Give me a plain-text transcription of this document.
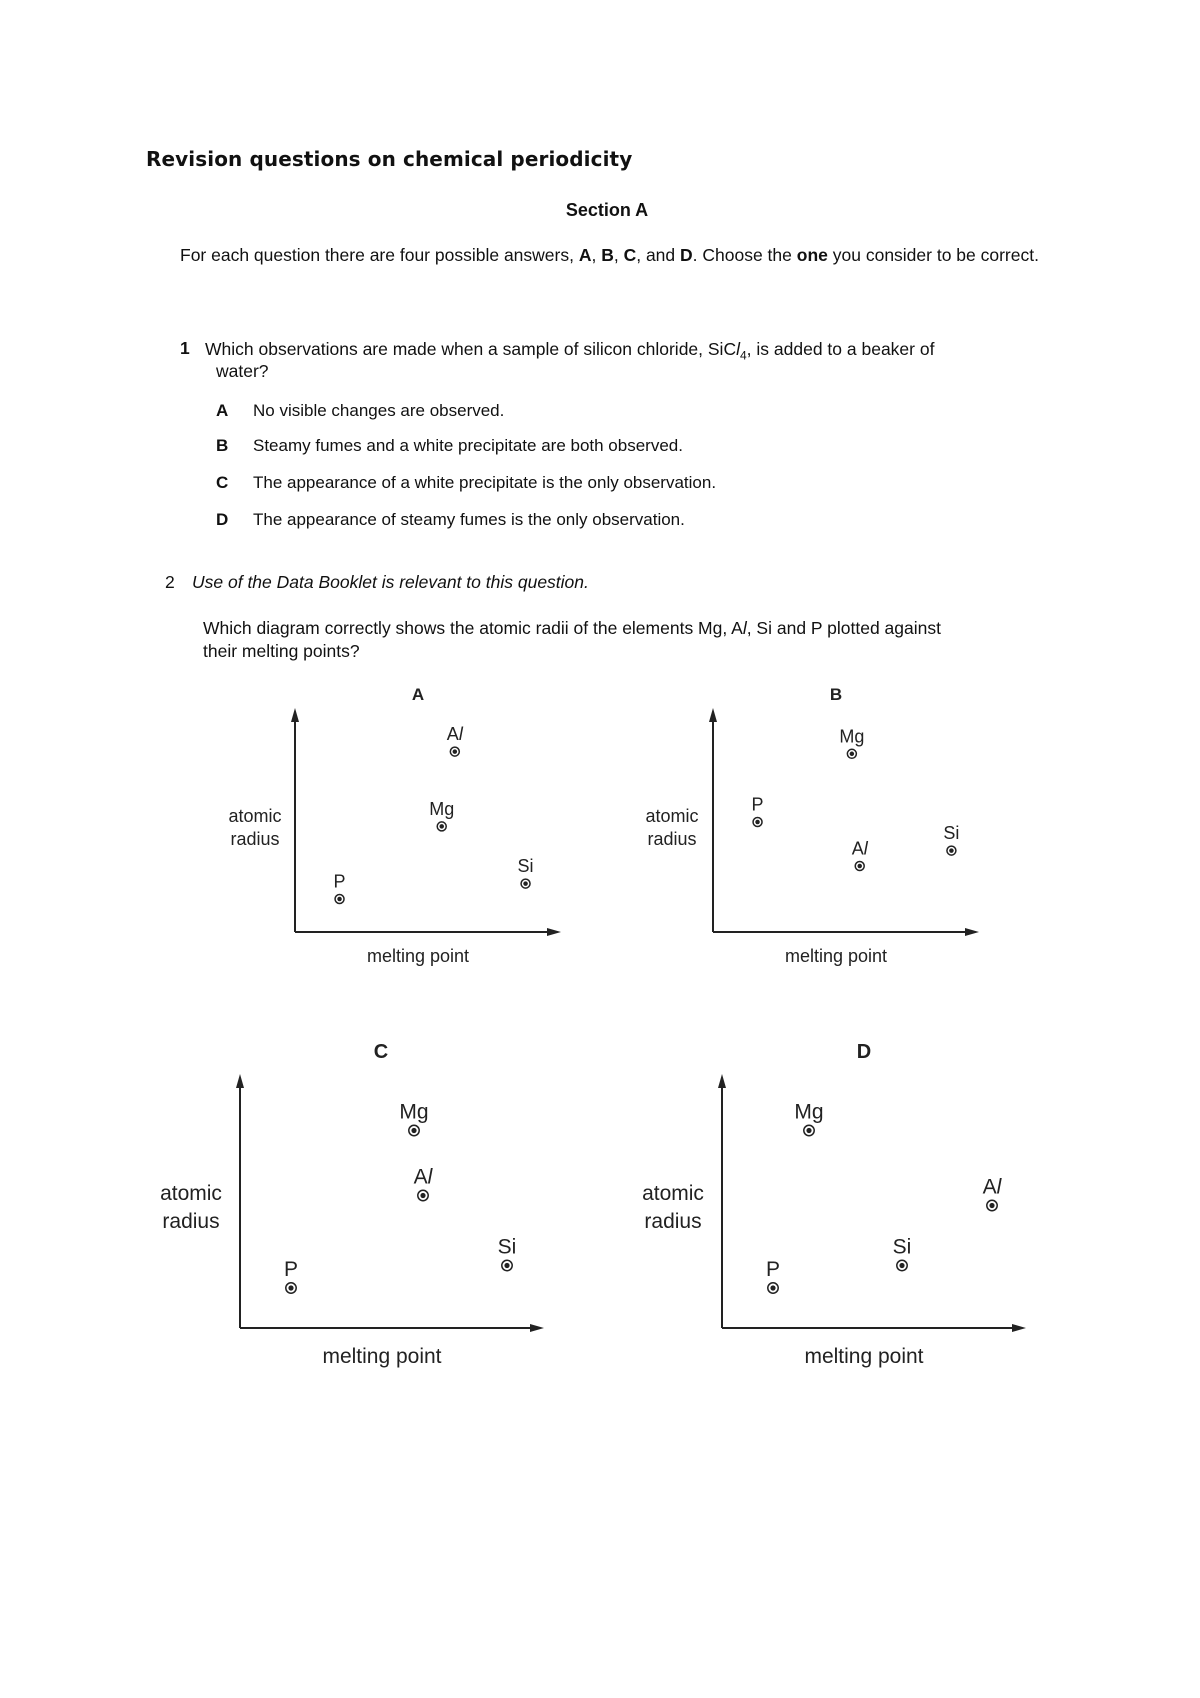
Revision questions on chemical periodicity
Section A
For each question there are four possible answers, A, B, C, and D. Choose the one you consider to be correct.
1 Which observations are made when a sample of silicon chloride, SiCl$_4$, is added to a beaker of
water?
A No visible changes are observed.
B Steamy fumes and a white precipitate are both observed.
C The appearance of a white precipitate is the only observation.
D The appearance of steamy fumes is the only observation.
2 Use of the Data Booklet is relevant to this question.
Which diagram correctly shows the atomic radii of the elements Mg, Al, Si and P plotted against
their melting points?
A
atomic
radius
melting point
Al
Mg
Si
P
B
atomic
radius
melting point
Mg
P
Al
Si
C
atomic
radius
melting point
Mg
Al
Si
P
D
atomic
radius
melting point
Mg
Al
Si
P
